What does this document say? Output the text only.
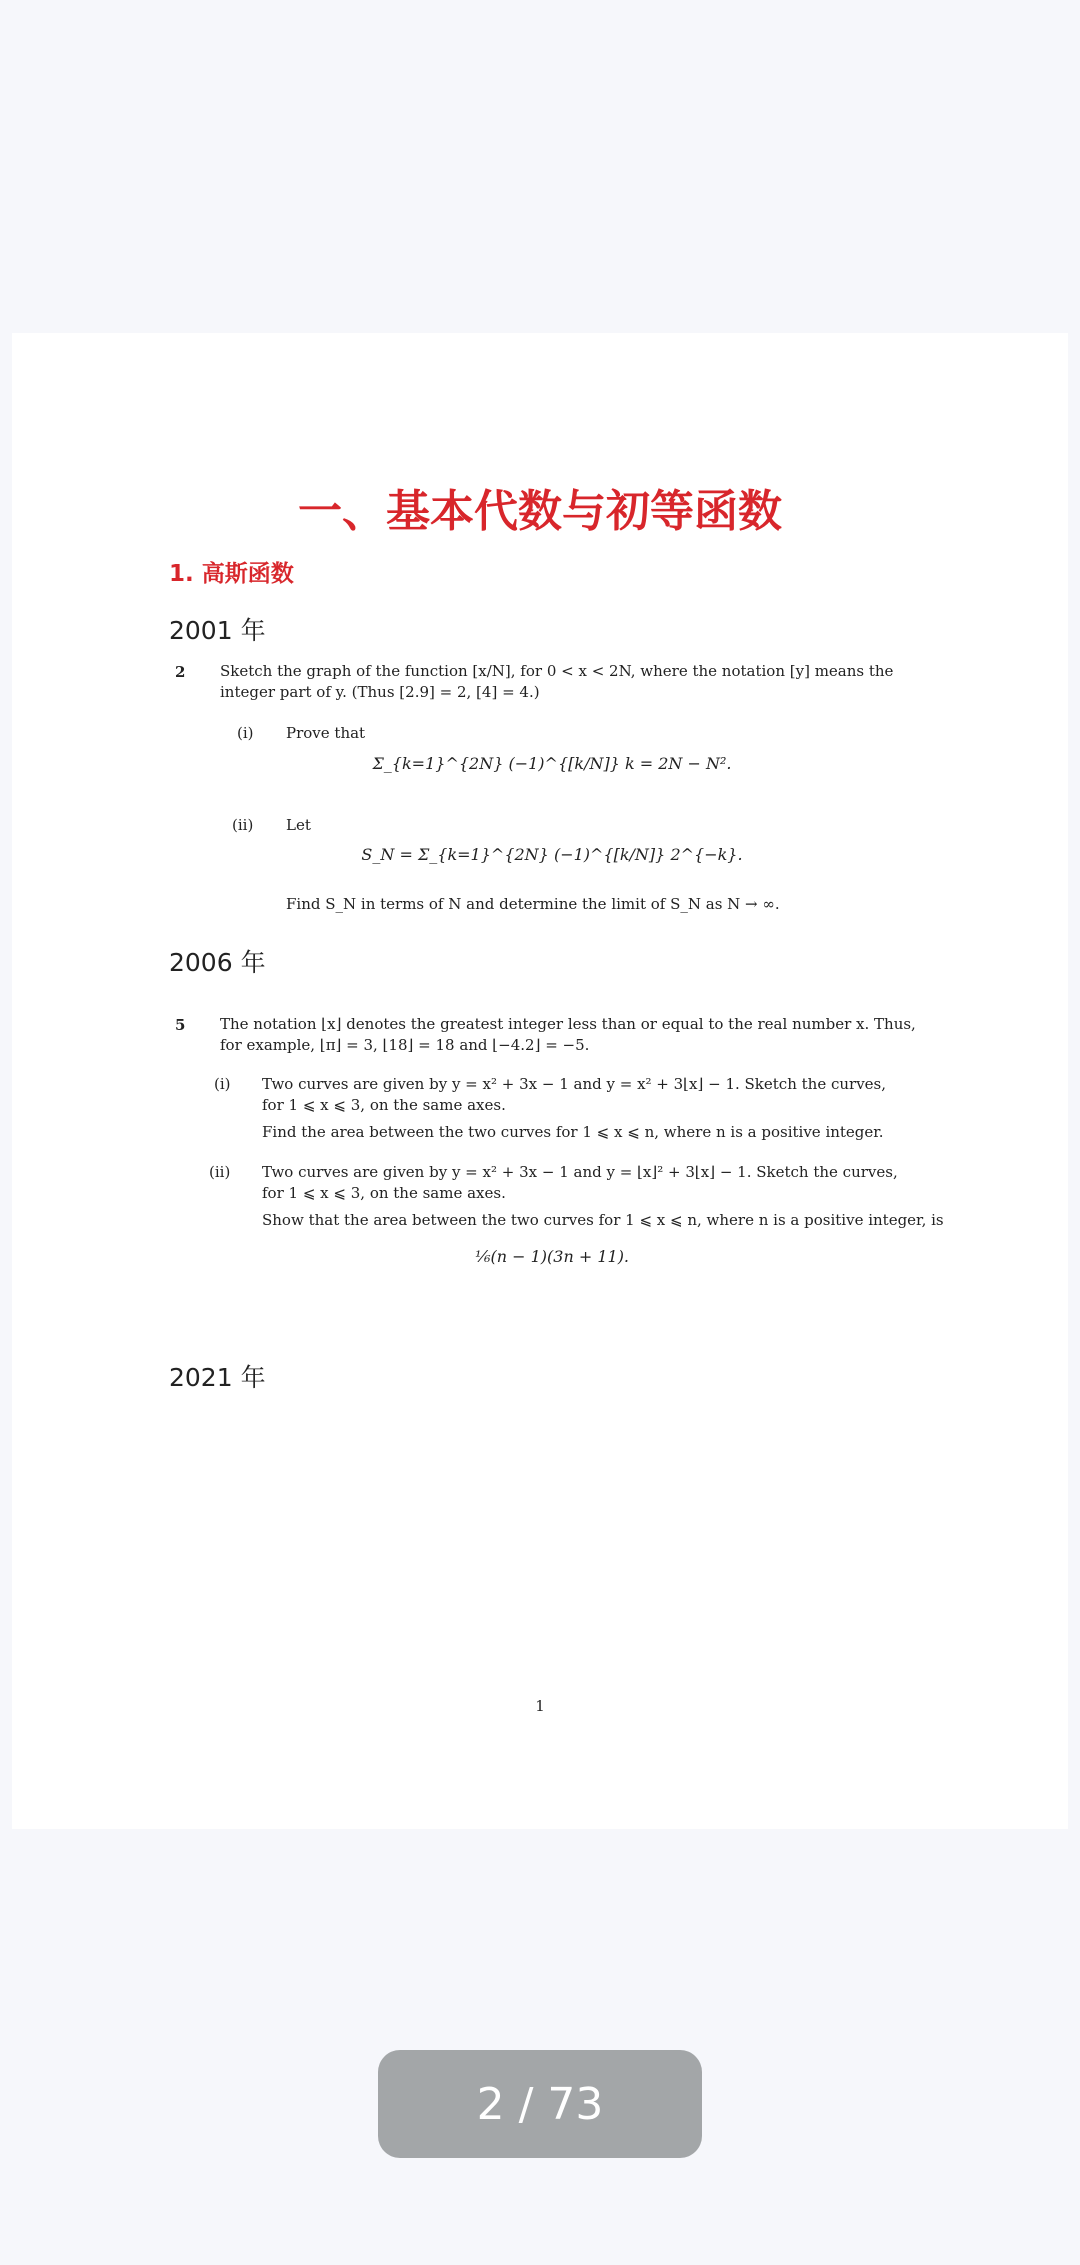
一、基本代数与初等函数
1. 高斯函数
2001 年
2 Sketch the graph of the function [x/N], for 0 < x < 2N, where the notation [y] means the
integer part of y. (Thus [2.9] = 2, [4] = 4.)
(i) Prove that
Σ_{k=1}^{2N} (−1)^{[k/N]} k = 2N − N².
(ii) Let
S_N = Σ_{k=1}^{2N} (−1)^{[k/N]} 2^{−k}.
Find S_N in terms of N and determine the limit of S_N as N → ∞.
2006 年
5 The notation ⌊x⌋ denotes the greatest integer less than or equal to the real number x. Thus,
for example, ⌊π⌋ = 3, ⌊18⌋ = 18 and ⌊−4.2⌋ = −5.
(i) Two curves are given by y = x² + 3x − 1 and y = x² + 3⌊x⌋ − 1. Sketch the curves,
for 1 ⩽ x ⩽ 3, on the same axes.
Find the area between the two curves for 1 ⩽ x ⩽ n, where n is a positive integer.
(ii) Two curves are given by y = x² + 3x − 1 and y = ⌊x⌋² + 3⌊x⌋ − 1. Sketch the curves,
for 1 ⩽ x ⩽ 3, on the same axes.
Show that the area between the two curves for 1 ⩽ x ⩽ n, where n is a positive integer, is
⅙(n − 1)(3n + 11).
2021 年
1
2 / 73
